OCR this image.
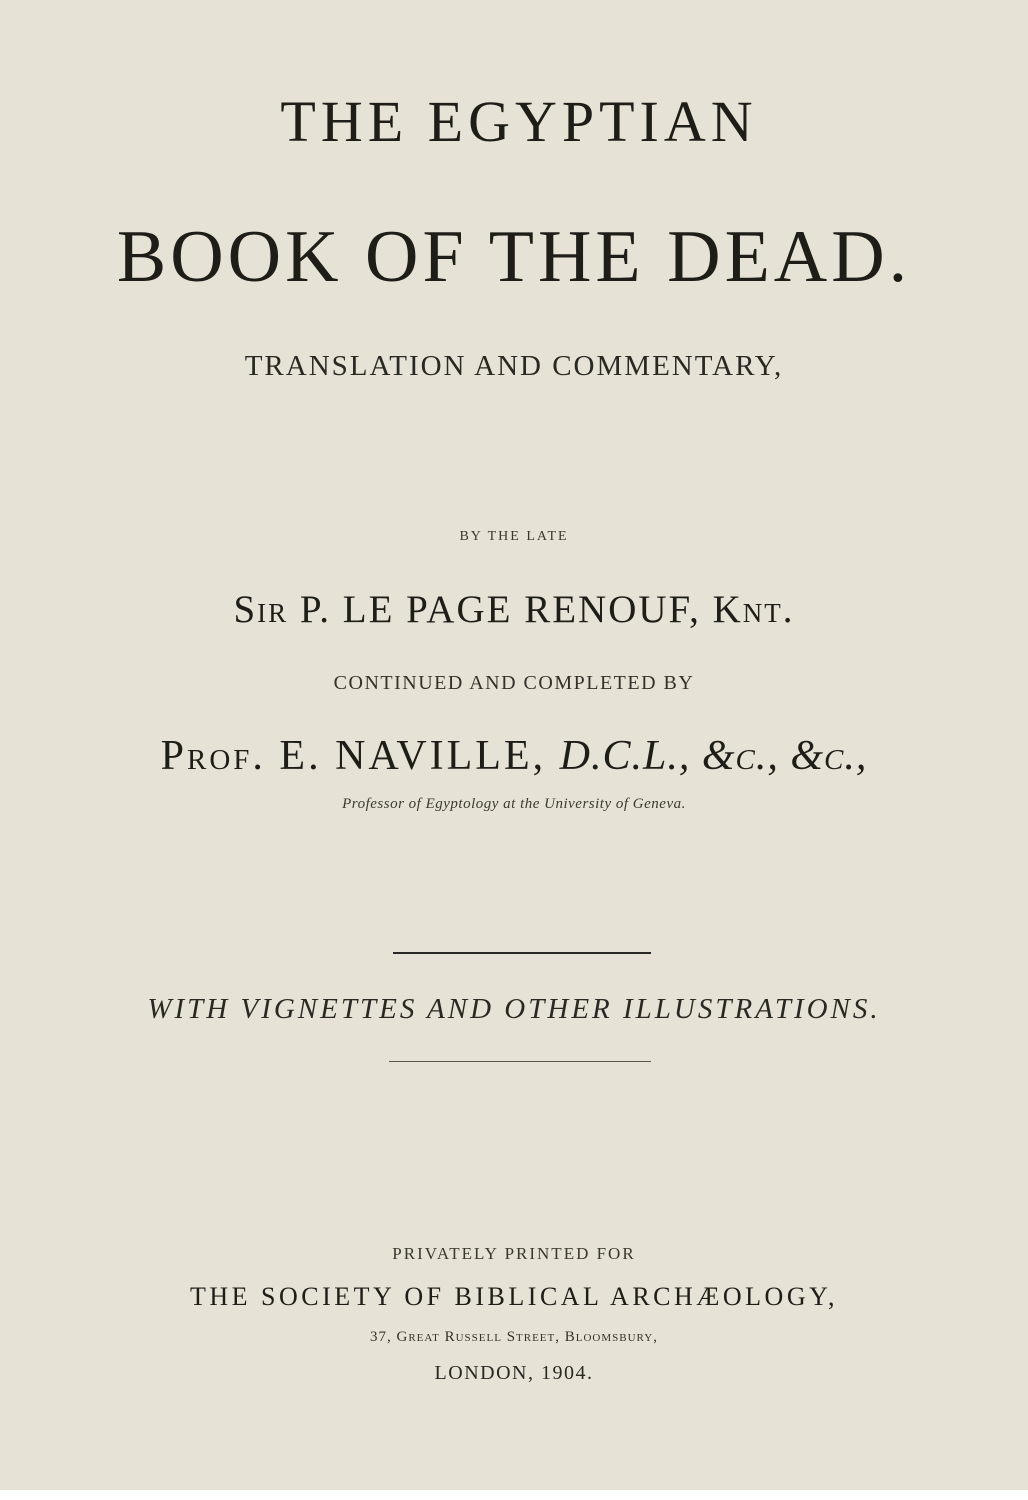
THE EGYPTIAN
BOOK OF THE DEAD.
TRANSLATION AND COMMENTARY,
BY THE LATE
Sir P. LE PAGE RENOUF, Knt.
CONTINUED AND COMPLETED BY
Prof. E. NAVILLE, D.C.L., &c., &c.,
Professor of Egyptology at the University of Geneva.
WITH VIGNETTES AND OTHER ILLUSTRATIONS.
PRIVATELY PRINTED FOR
THE SOCIETY OF BIBLICAL ARCHÆOLOGY,
37, Great Russell Street, Bloomsbury,
LONDON, 1904.
